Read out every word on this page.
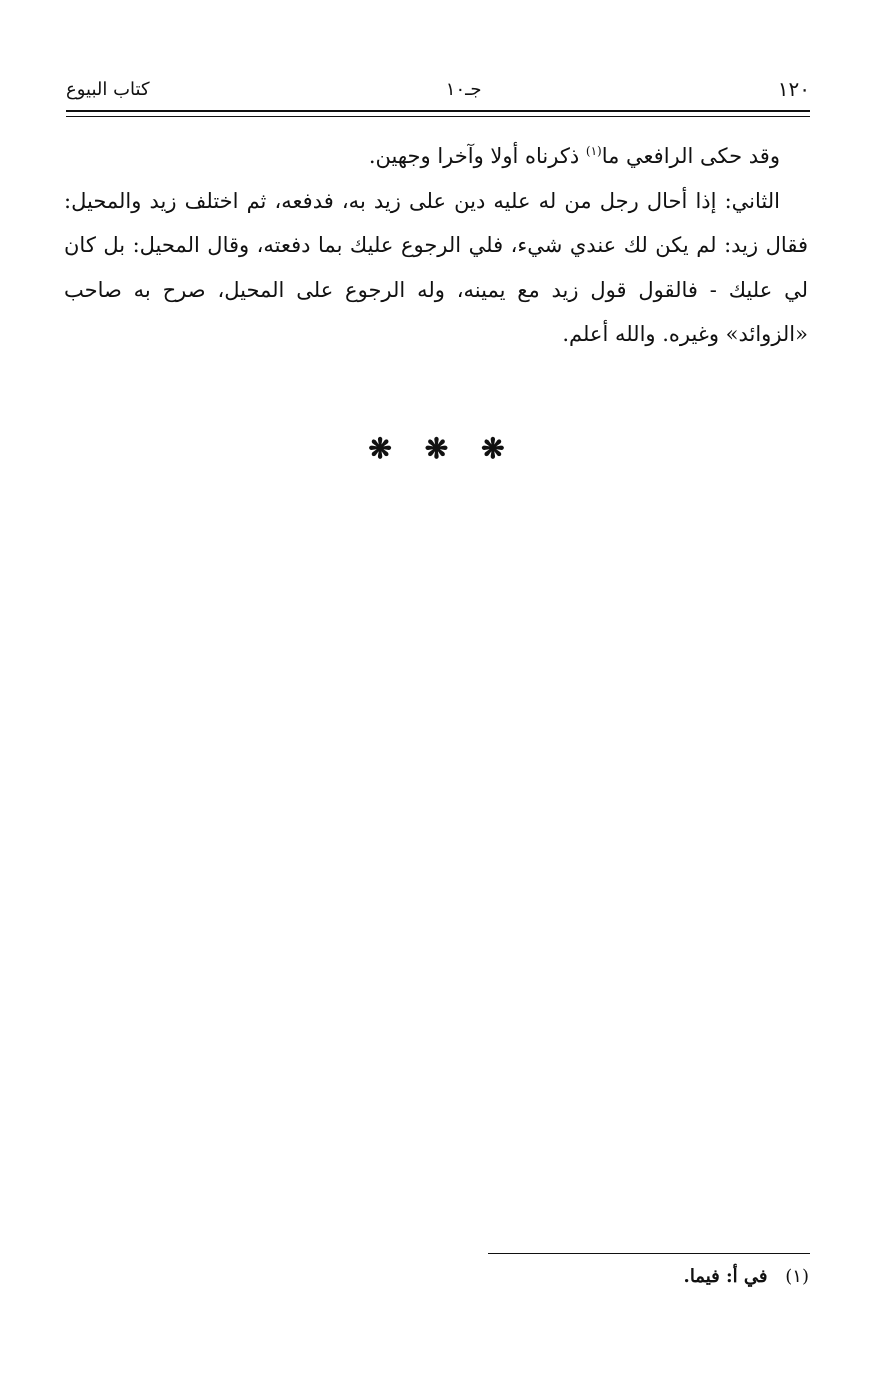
١٢٠
جـ١٠
كتاب البيوع

وقد حكى الرافعي ما$^{(١)}$ ذكرناه أولا وآخرا وجهين.

الثاني: إذا أحال رجل من له عليه دين على زيد به، فدفعه، ثم اختلف زيد والمحيل: فقال زيد: لم يكن لك عندي شيء، فلي الرجوع عليك بما دفعته، وقال المحيل: بل كان لي عليك - فالقول قول زيد مع يمينه، وله الرجوع على المحيل، صرح به صاحب «الزوائد» وغيره. والله أعلم.

❋ ❋ ❋
(١) في أ: فيما.
